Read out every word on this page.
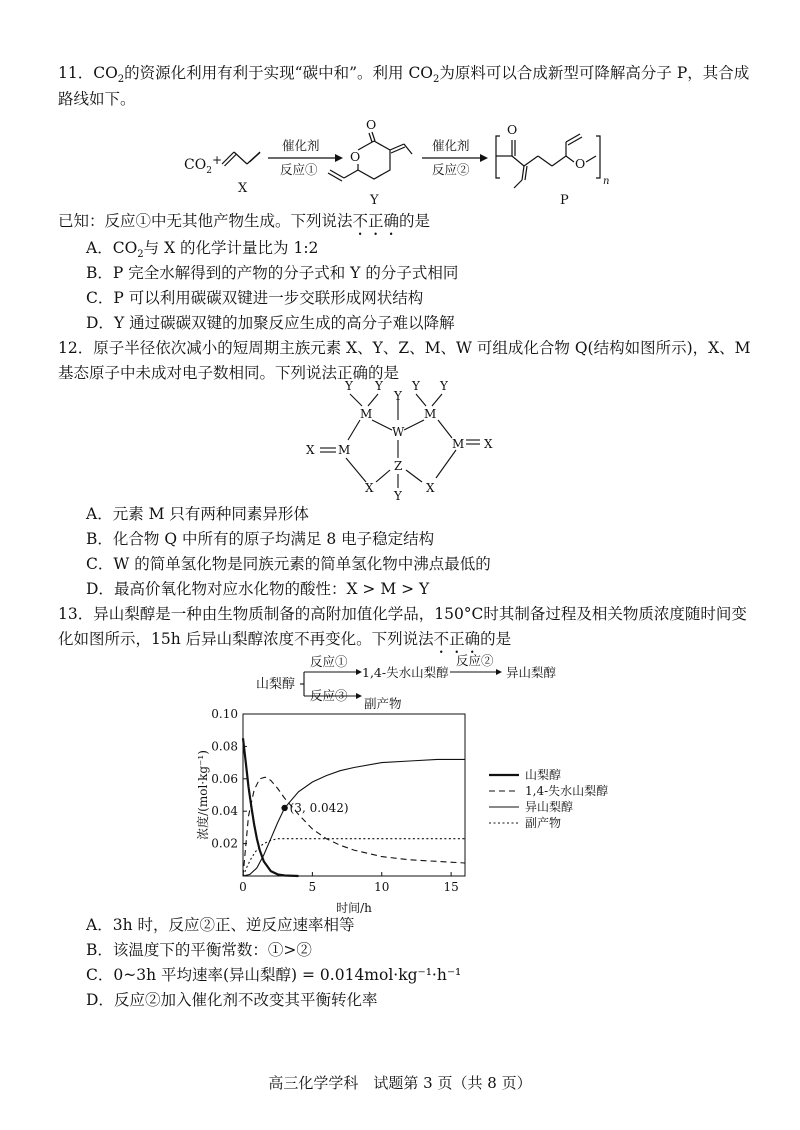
11．$CO_2$的资源化利用有利于实现“碳中和”。利用 $CO_2$为原料可以合成新型可降解高分子 P，其合成
路线如下。
$CO_2+$
X
催化剂
反应①
O
O
Y
催化剂
反应②
O
O
n
P
已知：反应①中无其他产物生成。下列说法不正确的是
A．$CO_2$与 X 的化学计量比为 1:2
B．P 完全水解得到的产物的分子式和 Y 的分子式相同
C．P 可以利用碳碳双键进一步交联形成网状结构
D．Y 通过碳碳双键的加聚反应生成的高分子难以降解
12．原子半径依次减小的短周期主族元素 X、Y、Z、M、W 可组成化合物 Q(结构如图所示)，X、M
基态原子中未成对电子数相同。下列说法正确的是
Y Y Y Y
Y
M	M
W
X M	M X
Z
X	X
Y
A．元素 M 只有两种同素异形体
B．化合物 Q 中所有的原子均满足 8 电子稳定结构
C．W 的简单氢化物是同族元素的简单氢化物中沸点最低的
D．最高价氧化物对应水化物的酸性：X > M > Y
13．异山梨醇是一种由生物质制备的高附加值化学品，150°C时其制备过程及相关物质浓度随时间变
化如图所示，15h 后异山梨醇浓度不再变化。下列说法不正确的是
山梨醇
反应①
1,4-失水山梨醇
反应②
异山梨醇
反应③
副产物
0	5	10	15
0.02
0.04
0.06
0.08
0.10
山梨醇
1,4-失水山梨醇
异山梨醇
副产物
(3, 0.042)
时间/h
浓度/(mol·kg⁻¹)
A．3h 时，反应②正、逆反应速率相等
B．该温度下的平衡常数：①>②
C．0~3h 平均速率(异山梨醇) = 0.014mol·kg⁻¹·h⁻¹
D．反应②加入催化剂不改变其平衡转化率
高三化学学科　试题第 3 页（共 8 页）
